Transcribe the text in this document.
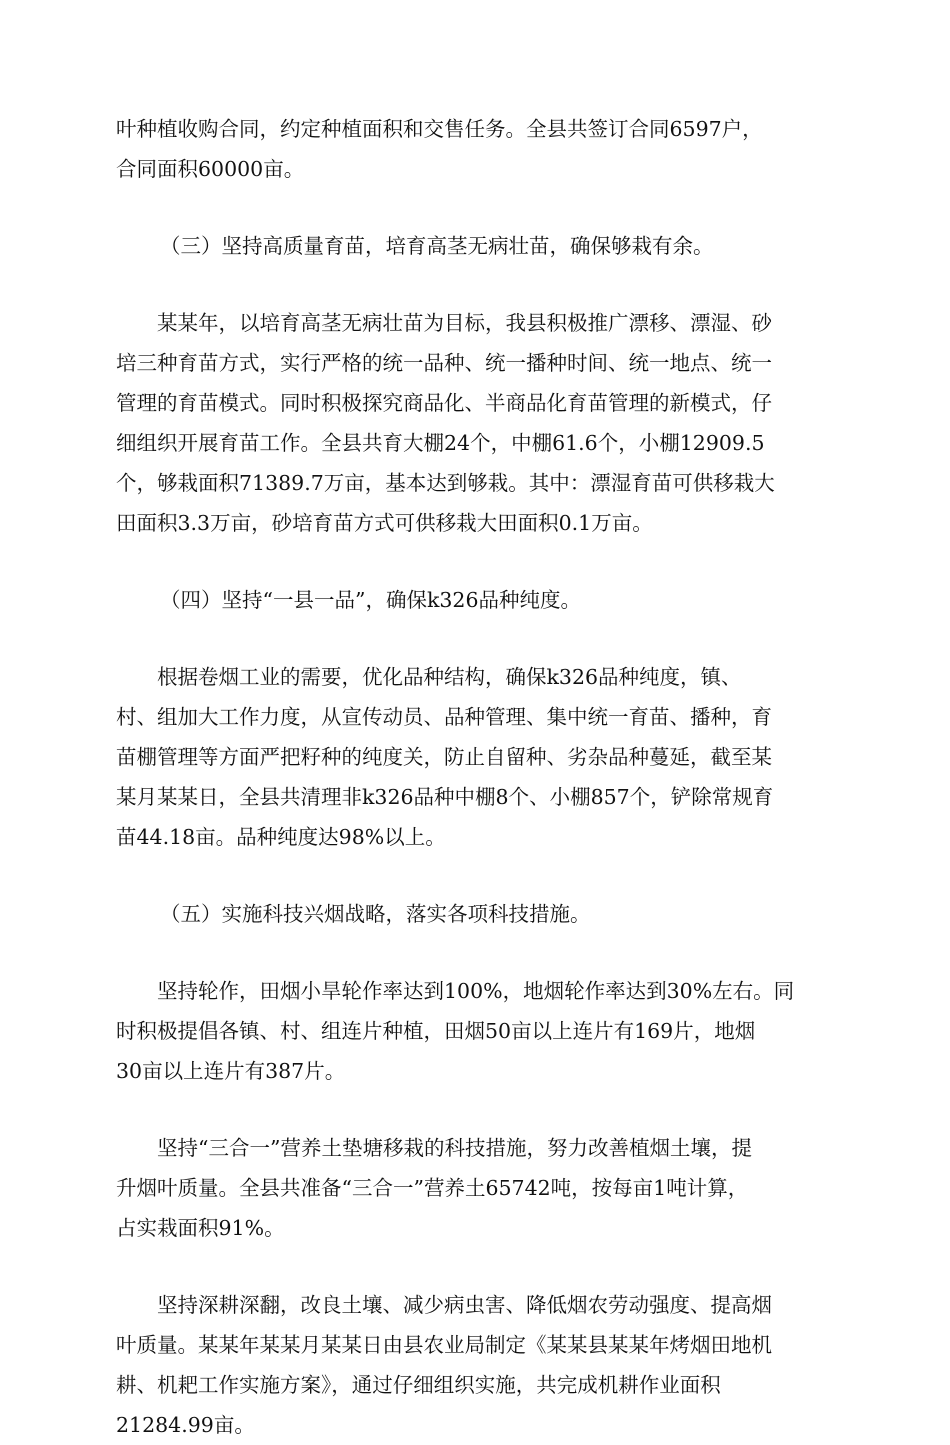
叶种植收购合同，约定种植面积和交售任务。全县共签订合同6597户，
合同面积60000亩。

（三）坚持高质量育苗，培育高茎无病壮苗，确保够栽有余。

　　某某年，以培育高茎无病壮苗为目标，我县积极推广漂移、漂湿、砂
培三种育苗方式，实行严格的统一品种、统一播种时间、统一地点、统一
管理的育苗模式。同时积极探究商品化、半商品化育苗管理的新模式，仔
细组织开展育苗工作。全县共育大棚24个，中棚61.6个，小棚12909.5
个，够栽面积71389.7万亩，基本达到够栽。其中：漂湿育苗可供移栽大
田面积3.3万亩，砂培育苗方式可供移栽大田面积0.1万亩。

（四）坚持“一县一品”，确保k326品种纯度。

　　根据卷烟工业的需要，优化品种结构，确保k326品种纯度，镇、
村、组加大工作力度，从宣传动员、品种管理、集中统一育苗、播种，育
苗棚管理等方面严把籽种的纯度关，防止自留种、劣杂品种蔓延，截至某
某月某某日，全县共清理非k326品种中棚8个、小棚857个，铲除常规育
苗44.18亩。品种纯度达98%以上。

（五）实施科技兴烟战略，落实各项科技措施。

　　坚持轮作，田烟小旱轮作率达到100%，地烟轮作率达到30%左右。同
时积极提倡各镇、村、组连片种植，田烟50亩以上连片有169片，地烟
30亩以上连片有387片。

　　坚持“三合一”营养土垫塘移栽的科技措施，努力改善植烟土壤，提
升烟叶质量。全县共准备“三合一”营养土65742吨，按每亩1吨计算，
占实栽面积91%。

　　坚持深耕深翻，改良土壤、减少病虫害、降低烟农劳动强度、提高烟
叶质量。某某年某某月某某日由县农业局制定《某某县某某年烤烟田地机
耕、机耙工作实施方案》，通过仔细组织实施，共完成机耕作业面积
21284.99亩。
